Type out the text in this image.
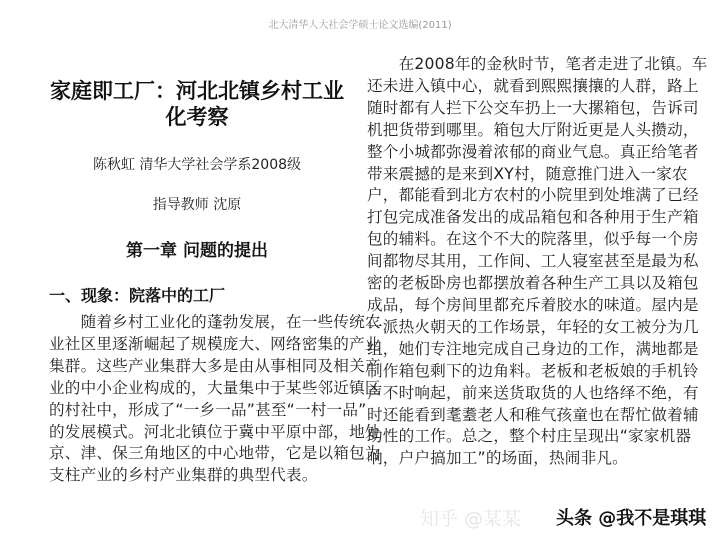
北大清华人大社会学硕士论文选编(2011)
家庭即工厂：河北北镇乡村工业
化考察
陈秋虹 清华大学社会学系2008级
指导教师 沈原
第一章 问题的提出
一、现象：院落中的工厂
　　随着乡村工业化的蓬勃发展，在一些传统农
业社区里逐渐崛起了规模庞大、网络密集的产业
集群。这些产业集群大多是由从事相同及相关产
业的中小企业构成的，大量集中于某些邻近镇区
的村社中，形成了“一乡一品”甚至“一村一品”
的发展模式。河北北镇位于冀中平原中部，地处
京、津、保三角地区的中心地带，它是以箱包为
支柱产业的乡村产业集群的典型代表。
　　在2008年的金秋时节，笔者走进了北镇。车
还未进入镇中心，就看到熙熙攘攘的人群，路上
随时都有人拦下公交车扔上一大摞箱包，告诉司
机把货带到哪里。箱包大厅附近更是人头攒动，
整个小城都弥漫着浓郁的商业气息。真正给笔者
带来震撼的是来到XY村，随意推门进入一家农
户，都能看到北方农村的小院里到处堆满了已经
打包完成准备发出的成品箱包和各种用于生产箱
包的辅料。在这个不大的院落里，似乎每一个房
间都物尽其用，工作间、工人寝室甚至是最为私
密的老板卧房也都摆放着各种生产工具以及箱包
成品，每个房间里都充斥着胶水的味道。屋内是
一派热火朝天的工作场景，年轻的女工被分为几
组，她们专注地完成自己身边的工作，满地都是
制作箱包剩下的边角料。老板和老板娘的手机铃
声不时响起，前来送货取货的人也络绎不绝，有
时还能看到耄耋老人和稚气孩童也在帮忙做着辅
助性的工作。总之，整个村庄呈现出“家家机器
响，户户搞加工”的场面，热闹非凡。
知乎 @某某 头条 @我不是琪琪
